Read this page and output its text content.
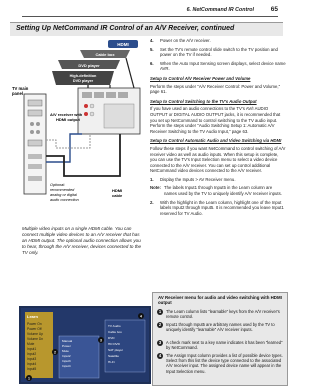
6. NetCommand IR Control	65
Setting Up NetCommand IR Control of an A/V Receiver, continued
HDMI
Cable box
DVD player
High-definition
DVD player
TV main
panel
A/V receiver with
HDMI output
Optional:
recommended
analog or digital
audio connection
HDMI
cable
Multiple video inputs on a single HDMI cable. You can connect multiple video devices to an A/V receiver that has an HDMI output. The optional audio connection allows you to hear, through the A/V receiver, devices connected to the TV only.
4. Power on the A/V receiver.
5. Set the TV's remote control slide switch to the TV position and power on the TV if needed.
6. When the Auto Input Sensing screen displays, select device name AVR.
Setup to Control A/V Receiver Power and Volume

Perform the steps under "A/V Receiver Control: Power and Volume," page 61.

Setup to Control Switching to the TV's Audio Output

If you have used an audio connections to the TV's AV/I AUDIO OUTPUT or DIGITAL AUDIO OUTPUT jacks, it is recommended that you set up NetCommand to control switching to the TV audio input. Perform the steps under "Audio Switching Setup 1: Automatic A/V Receiver Switching to the TV Audio Input," page 63.

Setup to Control Automatic Audio and Video Switching via HDMI

Follow these steps if you want NetCommand to control switching of A/V receiver video as well as audio inputs. When this setup is complete, you can use the TV's Input Selection menu to select a video device connected to the A/V receiver. You can set up control additional NetCommand video devices connected to the A/V receiver.

1. Display the Inputs > AV Receiver menu.
Note: The labels Input1 through Input5 in the Learn column are names used by the TV to uniquely identify A/V receiver inputs.
2. With the highlight in the Learn column, highlight one of the Input labels Input2 through Input5. It is recommended you leave Input1 reserved for TV Audio.
Learn
Power On
Power Off
Volume Up
Volume Dn
Mute
Input1
Input2
Input3
Input4
Input5
Manual
Power
Mute
Input2
Input3
Input4
TV Audio
Cable box
DVD
HD DVD
SAT player
Satellite
Hi-Fi
1
2
3
4
AV Receiver menu for audio and video switching with HDMI output
1	The Learn column lists "learnable" keys from the A/V receiver's remote control.
2	Input1 through Input5 are arbitrary names used by the TV to uniquely identify "learnable" A/V receiver inputs.
3	A check mark next to a key name indicates it has been "learned" by NetCommand.
4	The Assign Input column provides a list of possible device types. Select from this list the device type connected to the associated A/V receiver input. The assigned device name will appear in the Input Selection menu.
